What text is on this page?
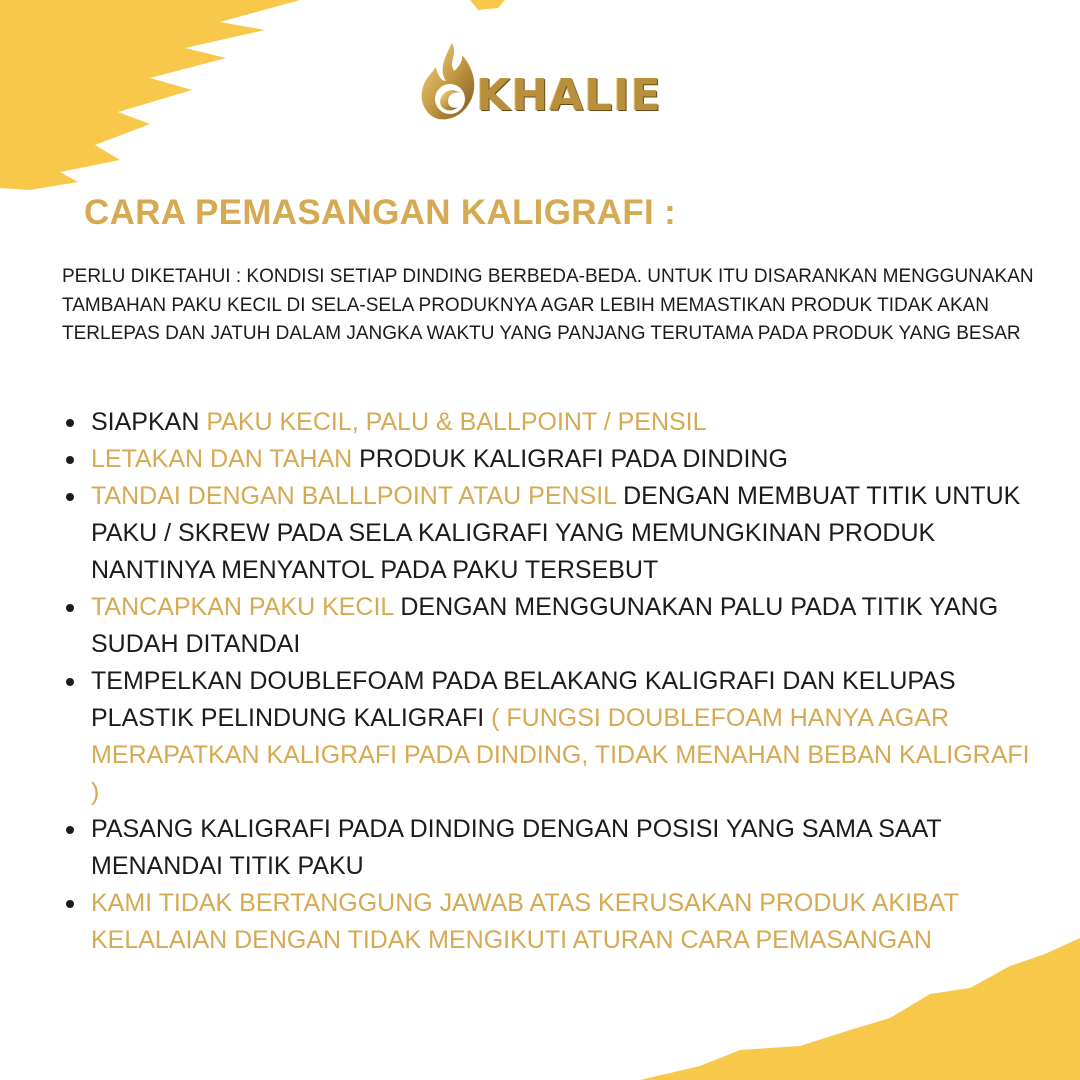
KHALIE
CARA PEMASANGAN KALIGRAFI :
PERLU DIKETAHUI : KONDISI SETIAP DINDING BERBEDA-BEDA. UNTUK ITU DISARANKAN MENGGUNAKAN TAMBAHAN PAKU KECIL DI SELA-SELA PRODUKNYA AGAR LEBIH MEMASTIKAN PRODUK TIDAK AKAN TERLEPAS DAN JATUH DALAM JANGKA WAKTU YANG PANJANG TERUTAMA PADA PRODUK YANG BESAR
SIAPKAN PAKU KECIL, PALU & BALLPOINT / PENSIL
LETAKAN DAN TAHAN PRODUK KALIGRAFI PADA DINDING
TANDAI DENGAN BALLLPOINT ATAU PENSIL DENGAN MEMBUAT TITIK UNTUK PAKU / SKREW PADA SELA KALIGRAFI YANG MEMUNGKINAN PRODUK NANTINYA MENYANTOL PADA PAKU TERSEBUT
TANCAPKAN PAKU KECIL DENGAN MENGGUNAKAN PALU PADA TITIK YANG SUDAH DITANDAI
TEMPELKAN DOUBLEFOAM PADA BELAKANG KALIGRAFI DAN KELUPAS PLASTIK PELINDUNG KALIGRAFI ( FUNGSI DOUBLEFOAM HANYA AGAR MERAPATKAN KALIGRAFI PADA DINDING, TIDAK MENAHAN BEBAN KALIGRAFI )
PASANG KALIGRAFI PADA DINDING DENGAN POSISI YANG SAMA SAAT MENANDAI TITIK PAKU
KAMI TIDAK BERTANGGUNG JAWAB ATAS KERUSAKAN PRODUK AKIBAT KELALAIAN DENGAN TIDAK MENGIKUTI ATURAN CARA PEMASANGAN
